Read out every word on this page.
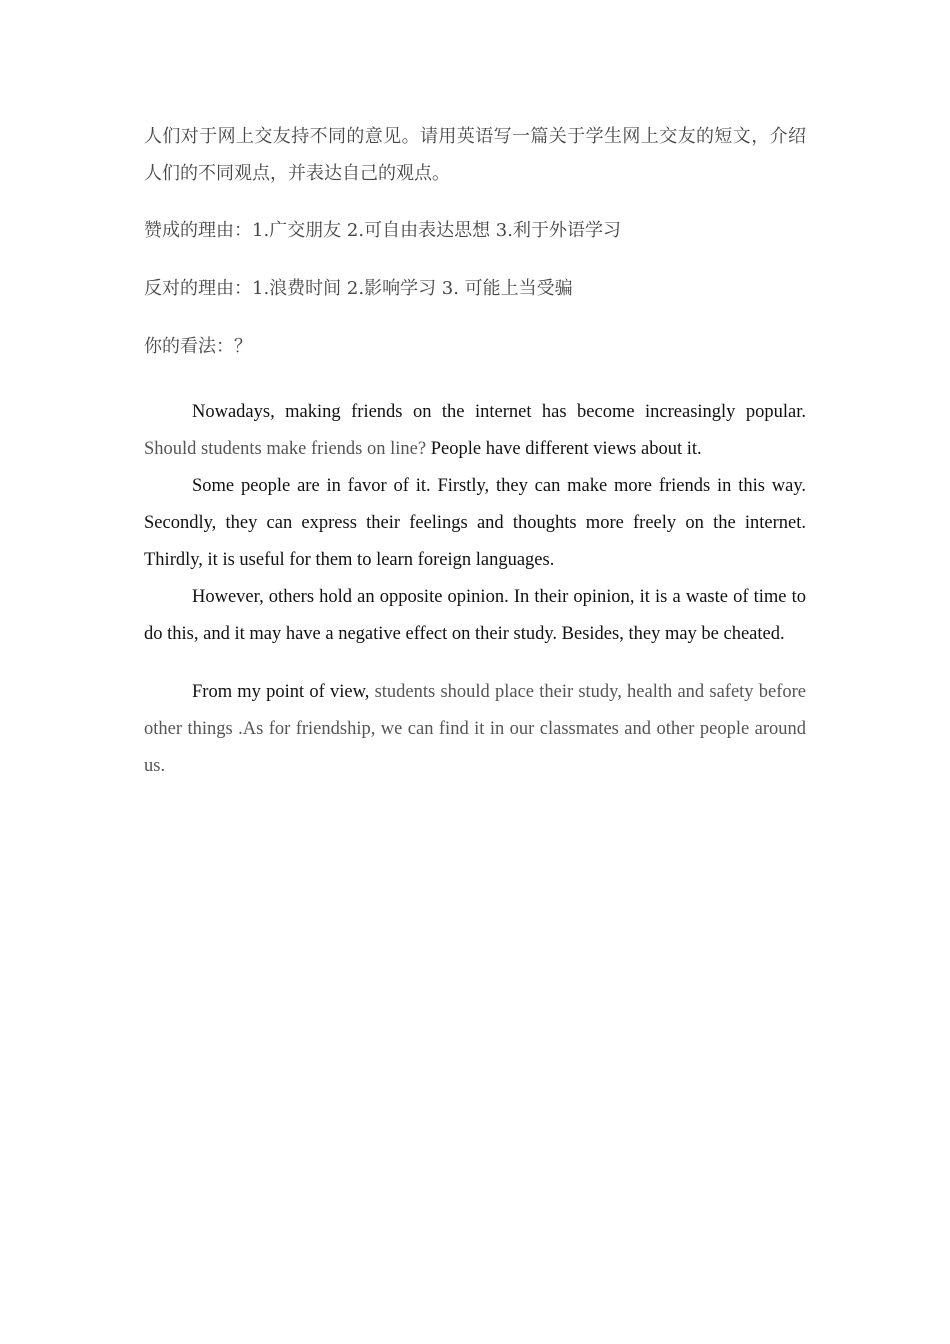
人们对于网上交友持不同的意见。请用英语写一篇关于学生网上交友的短文，介绍人们的不同观点，并表达自己的观点。

赞成的理由：1.广交朋友 2.可自由表达思想 3.利于外语学习

反对的理由：1.浪费时间 2.影响学习 3. 可能上当受骗

你的看法：？

Nowadays, making friends on the internet has become increasingly popular. Should students make friends on line? People have different views about it.

Some people are in favor of it. Firstly, they can make more friends in this way. Secondly, they can express their feelings and thoughts more freely on the internet. Thirdly, it is useful for them to learn foreign languages.

However, others hold an opposite opinion. In their opinion, it is a waste of time to do this, and it may have a negative effect on their study. Besides, they may be cheated.

From my point of view, students should place their study, health and safety before other things .As for friendship, we can find it in our classmates and other people around us.
